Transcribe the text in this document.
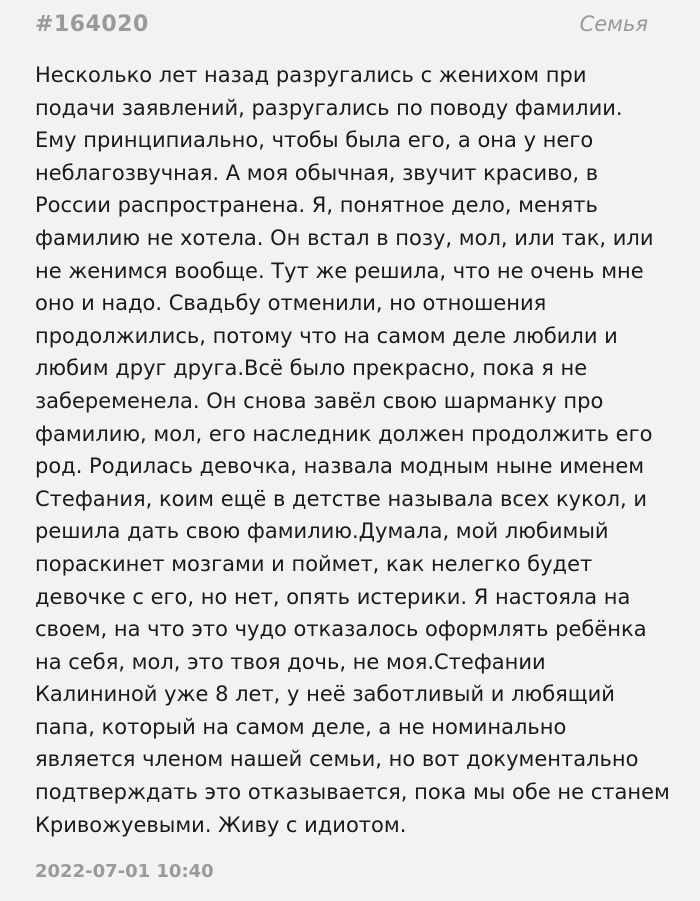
#164020	Семья
Несколько лет назад разругались с женихом при
подачи заявлений, разругались по поводу фамилии.
Ему принципиально, чтобы была его, а она у него
неблагозвучная. А моя обычная, звучит красиво, в
России распространена. Я, понятное дело, менять
фамилию не хотела. Он встал в позу, мол, или так, или
не женимся вообще. Тут же решила, что не очень мне
оно и надо. Свадьбу отменили, но отношения
продолжились, потому что на самом деле любили и
любим друг друга.Всё было прекрасно, пока я не
забеременела. Он снова завёл свою шарманку про
фамилию, мол, его наследник должен продолжить его
род. Родилась девочка, назвала модным ныне именем
Стефания, коим ещё в детстве называла всех кукол, и
решила дать свою фамилию.Думала, мой любимый
пораскинет мозгами и поймет, как нелегко будет
девочке с его, но нет, опять истерики. Я настояла на
своем, на что это чудо отказалось оформлять ребёнка
на себя, мол, это твоя дочь, не моя.Стефании
Калининой уже 8 лет, у неё заботливый и любящий
папа, который на самом деле, а не номинально
является членом нашей семьи, но вот документально
подтверждать это отказывается, пока мы обе не станем
Кривожуевыми. Живу с идиотом.
2022-07-01 10:40
